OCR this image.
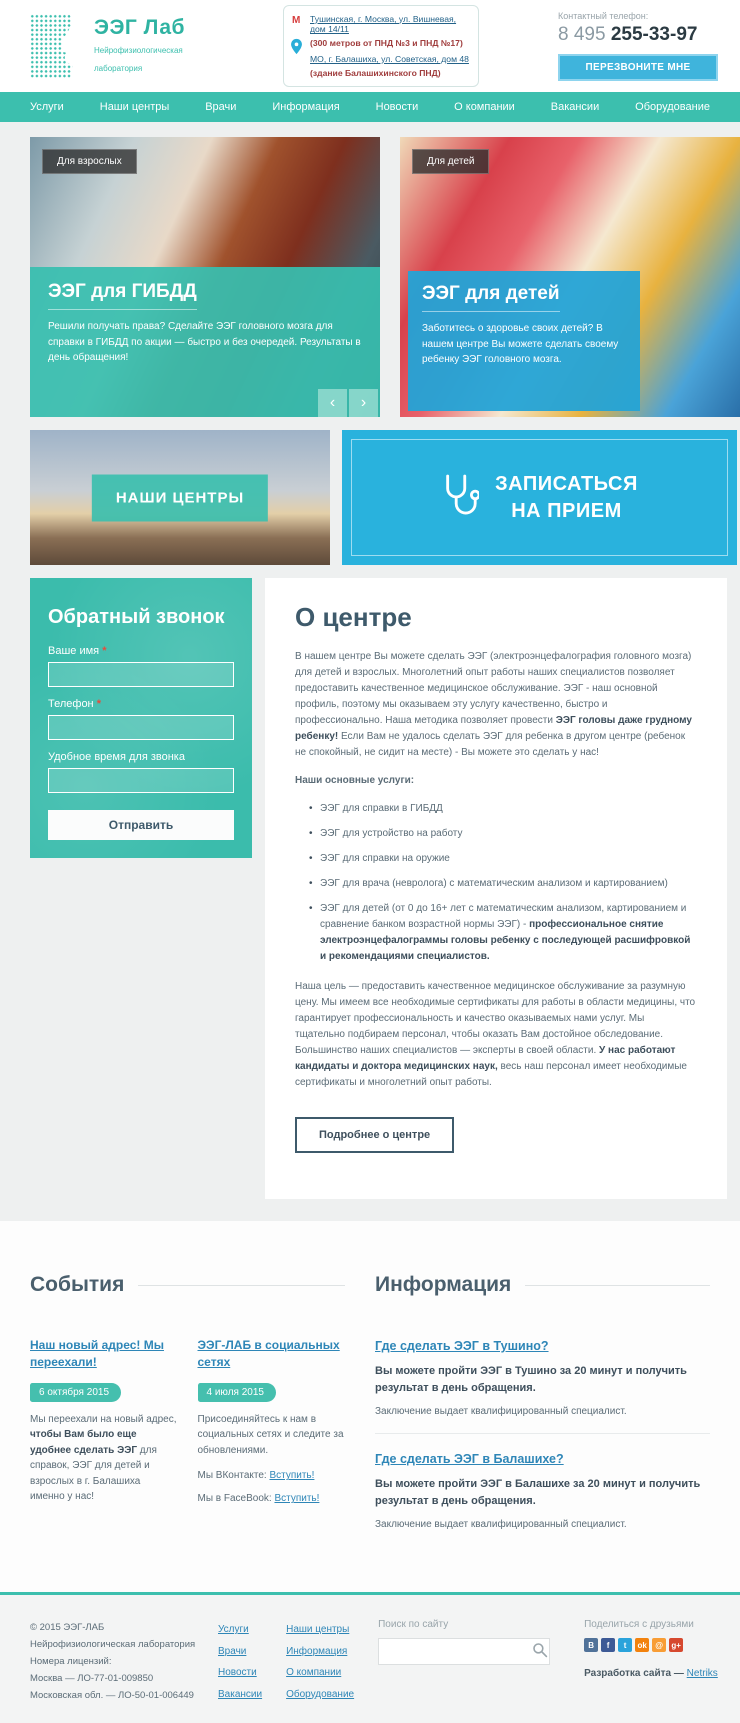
ЭЭГ Лаб Нейрофизиологическая
лаборатория
М Тушинская, г. Москва, ул. Вишневая, дом 14/11
(300 метров от ПНД №3 и ПНД №17)
МО, г. Балашиха, ул. Советская, дом 48
(здание Балашихинского ПНД)
Контактный телефон:
8 495 255-33-97
ПЕРЕЗВОНИТЕ МНЕ
Услуги	Наши центры	Врачи	Информация	Новости	О компании	Вакансии	Оборудование
Для взрослых
ЭЭГ для ГИБДД
Решили получать права? Сделайте ЭЭГ головного мозга для справки в ГИБДД по акции — быстро и без очередей. Результаты в день обращения!
‹	›
Для детей
ЭЭГ для детей
Заботитесь о здоровье своих детей? В нашем центре Вы можете сделать своему ребенку ЭЭГ головного мозга.
НАШИ ЦЕНТРЫ
ЗАПИСАТЬСЯ
НА ПРИЕМ
Обратный звонок
Ваше имя *
Телефон *
Удобное время для звонка
Отправить
О центре

В нашем центре Вы можете сделать ЭЭГ (электроэнцефалография головного мозга) для детей и взрослых. Многолетний опыт работы наших специалистов позволяет предоставить качественное медицинское обслуживание. ЭЭГ - наш основной профиль, поэтому мы оказываем эту услугу качественно, быстро и профессионально. Наша методика позволяет провести ЭЭГ головы даже грудному ребенку! Если Вам не удалось сделать ЭЭГ для ребенка в другом центре (ребенок не спокойный, не сидит на месте) - Вы можете это сделать у нас!

Наши основные услуги:

• ЭЭГ для справки в ГИБДД
• ЭЭГ для устройство на работу
• ЭЭГ для справки на оружие
• ЭЭГ для врача (невролога) с математическим анализом и картированием)
• ЭЭГ для детей (от 0 до 16+ лет с математическим анализом, картированием и сравнение банком возрастной нормы ЭЭГ) - профессиональное снятие электроэнцефалограммы головы ребенку с последующей расшифровкой и рекомендациями специалистов.

Наша цель — предоставить качественное медицинское обслуживание за разумную цену. Мы имеем все необходимые сертификаты для работы в области медицины, что гарантирует профессиональность и качество оказываемых нами услуг. Мы тщательно подбираем персонал, чтобы оказать Вам достойное обследование. Большинство наших специалистов — эксперты в своей области. У нас работают кандидаты и доктора медицинских наук, весь наш персонал имеет необходимые сертификаты и многолетний опыт работы.

Подробнее о центре
События
Наш новый адрес! Мы переехали!
6 октября 2015
Мы переехали на новый адрес, чтобы Вам было еще удобнее сделать ЭЭГ для справок, ЭЭГ для детей и взрослых в г. Балашиха именно у нас!
ЭЭГ-ЛАБ в социальных сетях
4 июля 2015
Присоединяйтесь к нам в социальных сетях и следите за обновлениями.
Мы ВКонтакте: Вступить!
Мы в FaceBook: Вступить!
Информация
Где сделать ЭЭГ в Тушино?
Вы можете пройти ЭЭГ в Тушино за 20 минут и получить результат в день обращения.
Заключение выдает квалифицированный специалист.
Где сделать ЭЭГ в Балашихе?
Вы можете пройти ЭЭГ в Балашихе за 20 минут и получить результат в день обращения.
Заключение выдает квалифицированный специалист.
© 2015 ЭЭГ-ЛАБ
Нейрофизиологическая лаборатория
Номера лицензий:
Москва — ЛО-77-01-009850
Московская обл. — ЛО-50-01-006449
Услуги
Врачи
Новости
Вакансии
Наши центры
Информация
О компании
Оборудование
Поиск по сайту	Поделиться с друзьями
В	f	t	ok	@	g+
Разработка сайта — Netriks
